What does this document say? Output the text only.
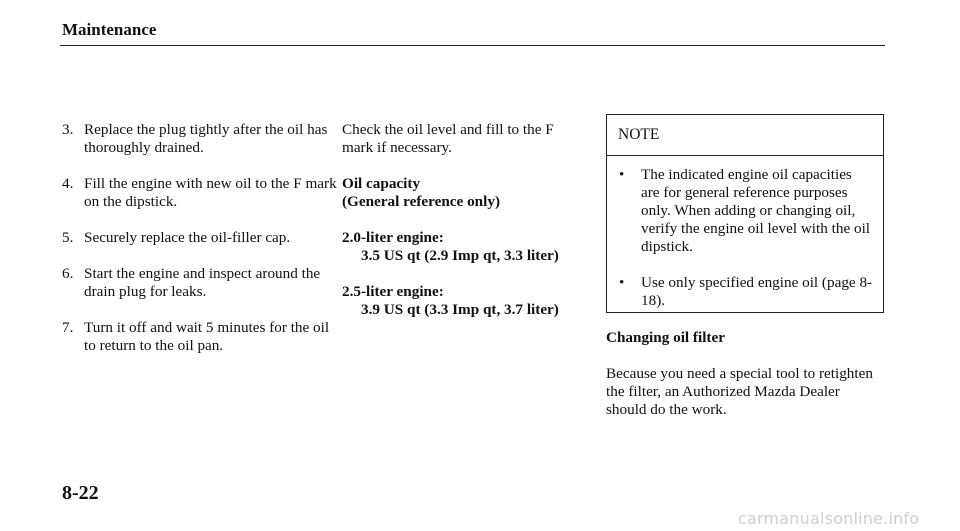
Maintenance
3. Replace the plug tightly after the oil has thoroughly drained.
4. Fill the engine with new oil to the F mark on the dipstick.
5. Securely replace the oil-filler cap.
6. Start the engine and inspect around the drain plug for leaks.
7. Turn it off and wait 5 minutes for the oil to return to the oil pan.

Check the oil level and fill to the F mark if necessary.

Oil capacity
(General reference only)
2.0-liter engine:
3.5 US qt (2.9 Imp qt, 3.3 liter)
2.5-liter engine:
3.9 US qt (3.3 Imp qt, 3.7 liter)
NOTE
•	The indicated engine oil capacities are for general reference purposes only. When adding or changing oil, verify the engine oil level with the oil dipstick.
•	Use only specified engine oil (page 8-18).

Changing oil filter

Because you need a special tool to retighten the filter, an Authorized Mazda Dealer should do the work.

8-22
carmanualsonline.info
